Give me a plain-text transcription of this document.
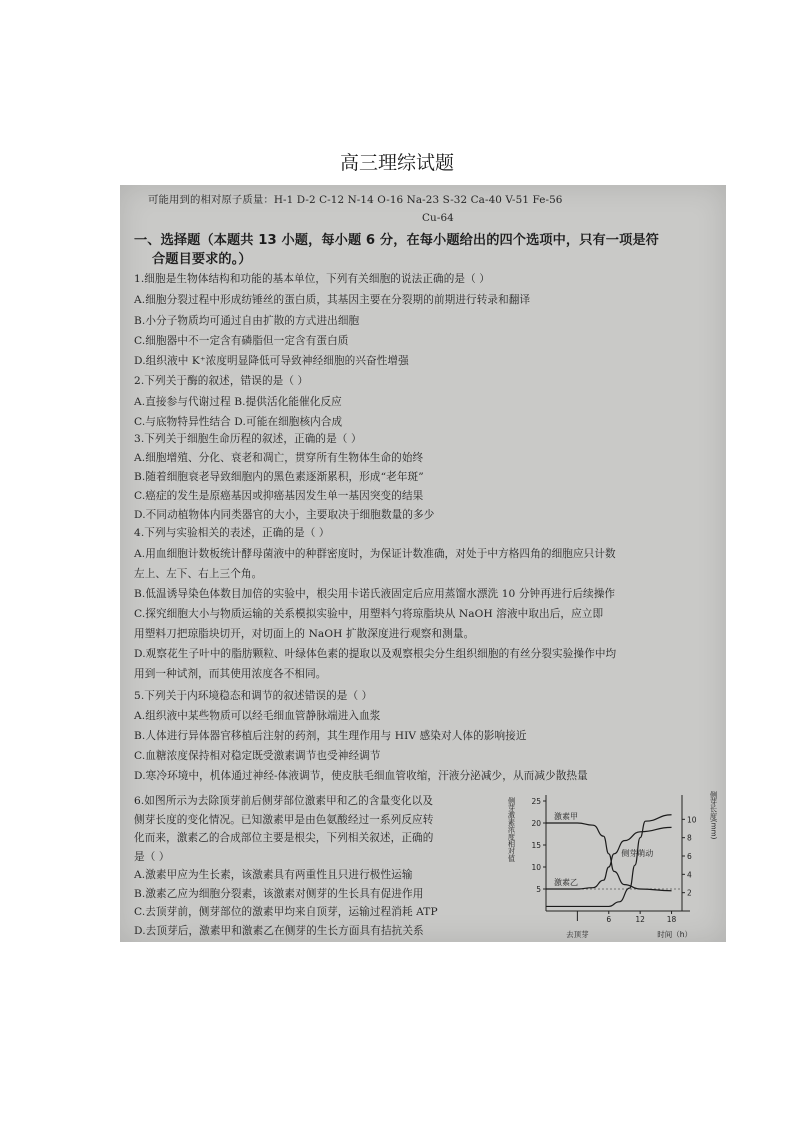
高三理综试题
可能用到的相对原子质量：H-1 D-2 C-12 N-14 O-16 Na-23 S-32 Ca-40 V-51 Fe-56
Cu-64
一、选择题（本题共 13 小题，每小题 6 分，在每小题给出的四个选项中，只有一项是符
合题目要求的。）
1.细胞是生物体结构和功能的基本单位，下列有关细胞的说法正确的是（ ）
A.细胞分裂过程中形成纺锤丝的蛋白质，其基因主要在分裂期的前期进行转录和翻译
B.小分子物质均可通过自由扩散的方式进出细胞
C.细胞器中不一定含有磷脂但一定含有蛋白质
D.组织液中 K⁺浓度明显降低可导致神经细胞的兴奋性增强
2.下列关于酶的叙述，错误的是（ ）
A.直接参与代谢过程 B.提供活化能催化反应
C.与底物特异性结合 D.可能在细胞核内合成
3.下列关于细胞生命历程的叙述，正确的是（ ）
A.细胞增殖、分化、衰老和凋亡，贯穿所有生物体生命的始终
B.随着细胞衰老导致细胞内的黑色素逐渐累积，形成“老年斑”
C.癌症的发生是原癌基因或抑癌基因发生单一基因突变的结果
D.不同动植物体内同类器官的大小，主要取决于细胞数量的多少
4.下列与实验相关的表述，正确的是（ ）
A.用血细胞计数板统计酵母菌液中的种群密度时，为保证计数准确，对处于中方格四角的细胞应只计数
左上、左下、右上三个角。
B.低温诱导染色体数目加倍的实验中，根尖用卡诺氏液固定后应用蒸馏水漂洗 10 分钟再进行后续操作
C.探究细胞大小与物质运输的关系模拟实验中，用塑料勺将琼脂块从 NaOH 溶液中取出后，应立即
用塑料刀把琼脂块切开，对切面上的 NaOH 扩散深度进行观察和测量。
D.观察花生子叶中的脂肪颗粒、叶绿体色素的提取以及观察根尖分生组织细胞的有丝分裂实验操作中均
用到一种试剂，而其使用浓度各不相同。
5.下列关于内环境稳态和调节的叙述错误的是（ ）
A.组织液中某些物质可以经毛细血管静脉端进入血浆
B.人体进行异体器官移植后注射的药剂，其生理作用与 HIV 感染对人体的影响接近
C.血糖浓度保持相对稳定既受激素调节也受神经调节
D.寒冷环境中，机体通过神经-体液调节，使皮肤毛细血管收缩，汗液分泌减少，从而减少散热量
6.如图所示为去除顶芽前后侧芽部位激素甲和乙的含量变化以及
侧芽长度的变化情况。已知激素甲是由色氨酸经过一系列反应转
化而来，激素乙的合成部位主要是根尖，下列相关叙述，正确的
是（ ）
A.激素甲应为生长素，该激素具有两重性且只进行极性运输
B.激素乙应为细胞分裂素，该激素对侧芽的生长具有促进作用
C.去顶芽前，侧芽部位的激素甲均来自顶芽，运输过程消耗 ATP
D.去顶芽后，激素甲和激素乙在侧芽的生长方面具有拮抗关系
侧芽激素浓度相对值	侧芽长度(mm)
5
10
15
20
25
2
4
6
8
10
6	12	18
去顶芽	时间（h）
激素甲
激素乙
侧芽萌动
